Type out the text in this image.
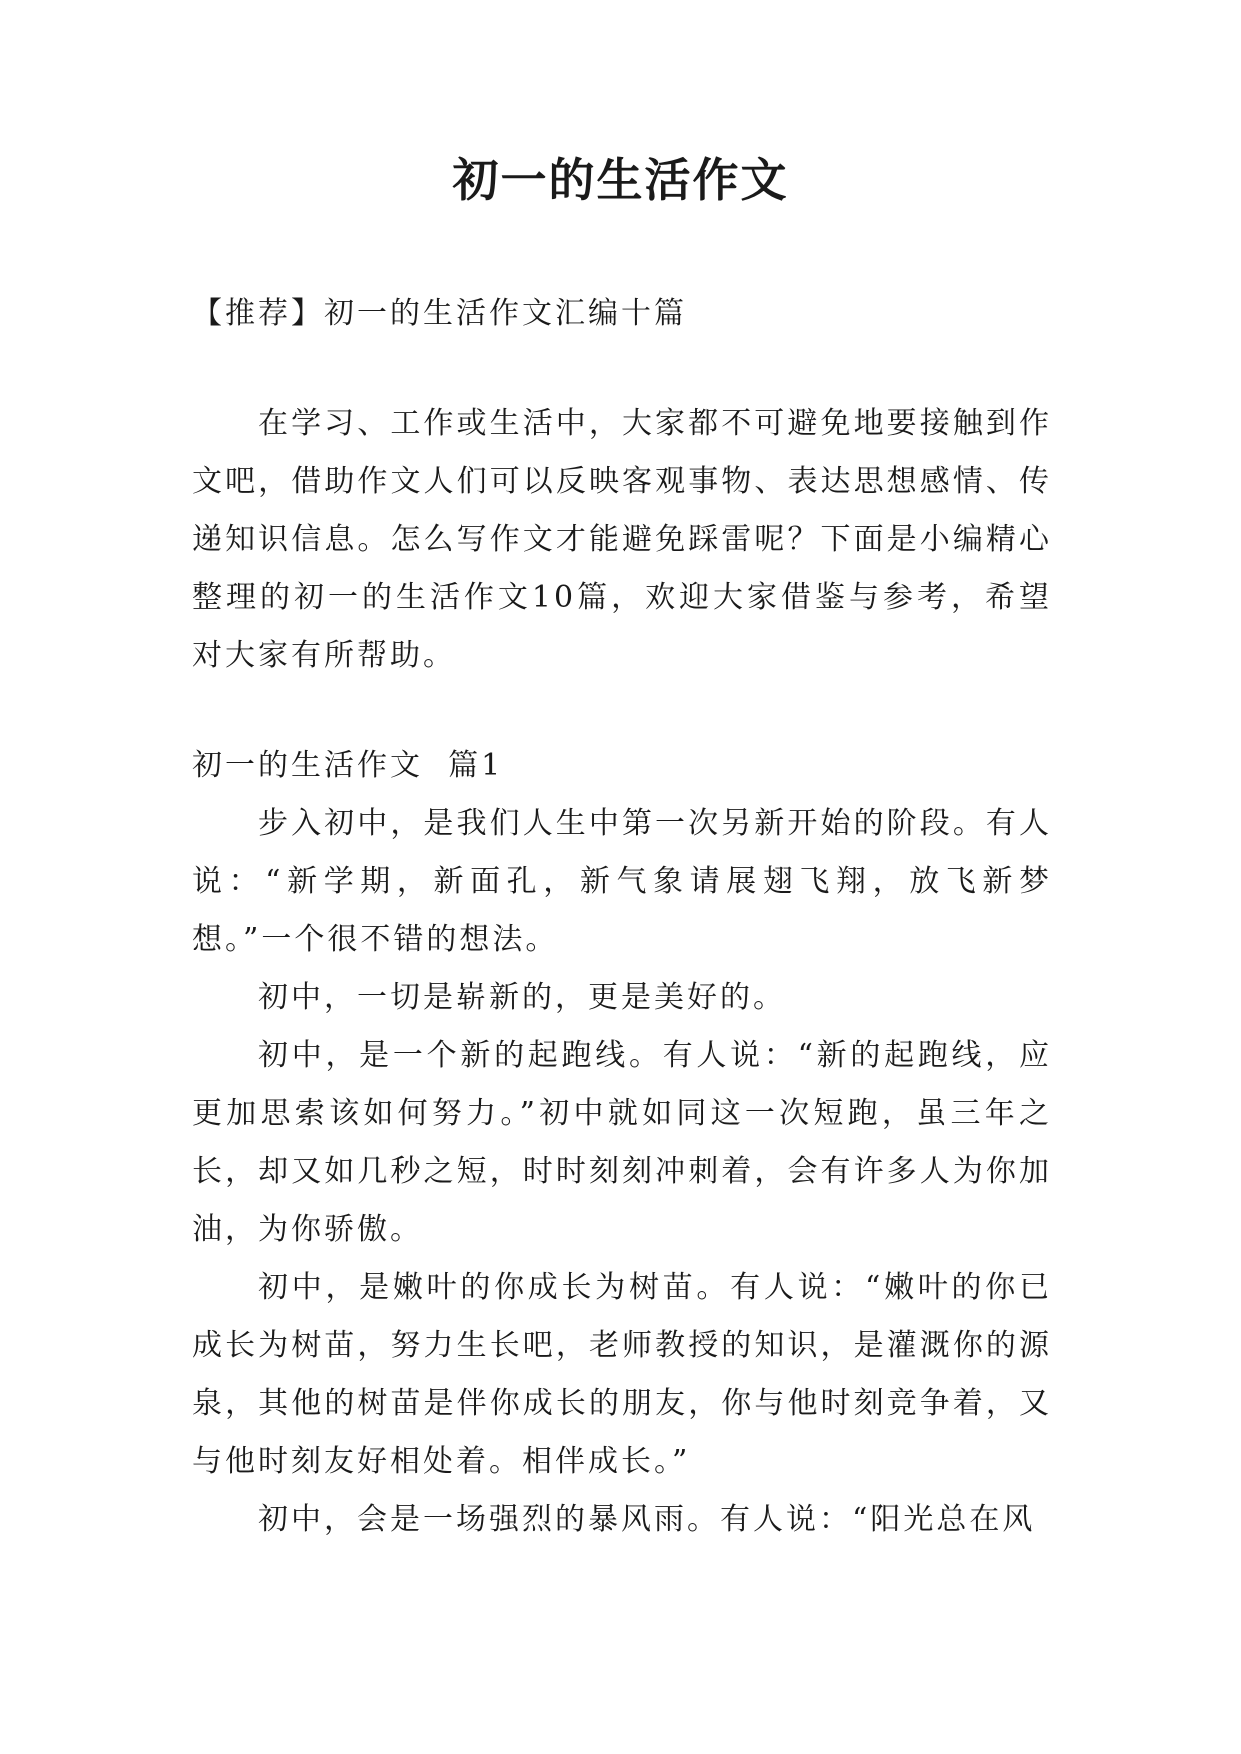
初一的生活作文

【推荐】初一的生活作文汇编十篇

在学习、工作或生活中，大家都不可避免地要接触到作文吧，借助作文人们可以反映客观事物、表达思想感情、传递知识信息。怎么写作文才能避免踩雷呢？下面是小编精心整理的初一的生活作文10篇，欢迎大家借鉴与参考，希望对大家有所帮助。

初一的生活作文  篇1

步入初中，是我们人生中第一次另新开始的阶段。有人说：“新学期，新面孔，新气象请展翅飞翔，放飞新梦想。”一个很不错的想法。

初中，一切是崭新的，更是美好的。

初中，是一个新的起跑线。有人说：“新的起跑线，应更加思索该如何努力。”初中就如同这一次短跑，虽三年之长，却又如几秒之短，时时刻刻冲刺着，会有许多人为你加油，为你骄傲。

初中，是嫩叶的你成长为树苗。有人说：“嫩叶的你已成长为树苗，努力生长吧，老师教授的知识，是灌溉你的源泉，其他的树苗是伴你成长的朋友，你与他时刻竞争着，又与他时刻友好相处着。相伴成长。”

初中，会是一场强烈的暴风雨。有人说：“阳光总在风
